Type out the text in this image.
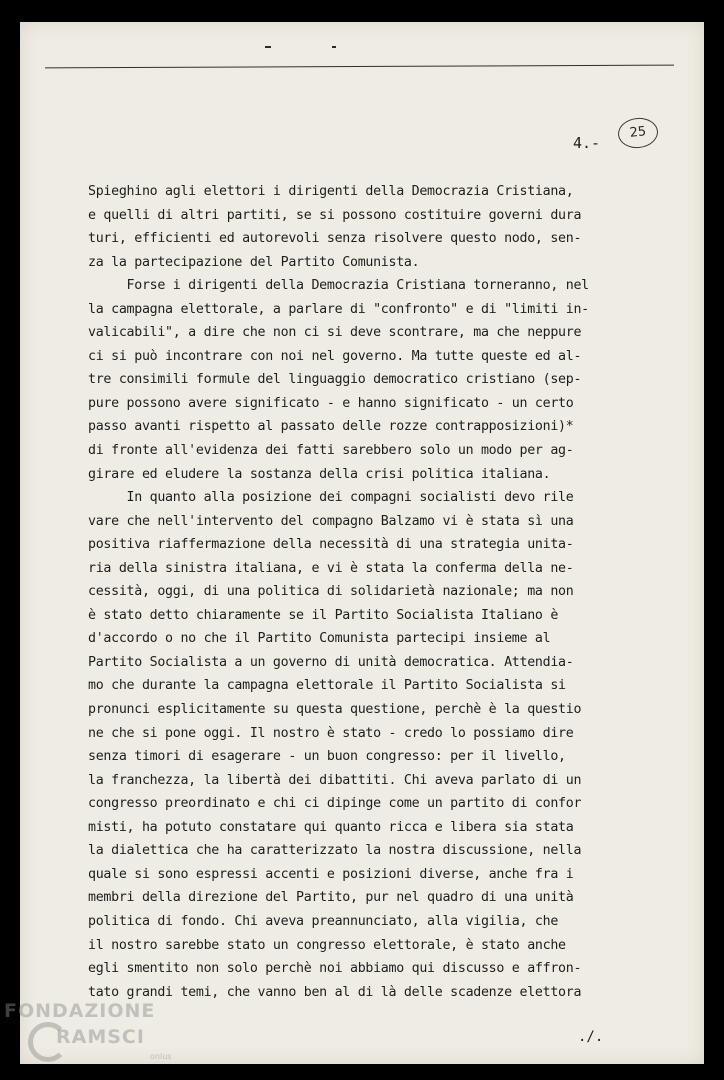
4.-
25
Spieghino agli elettori i dirigenti della Democrazia Cristiana,
e quelli di altri partiti, se si possono costituire governi dura
turi, efficienti ed autorevoli senza risolvere questo nodo, sen-
za la partecipazione del Partito Comunista.
Forse i dirigenti della Democrazia Cristiana torneranno, nel
la campagna elettorale, a parlare di "confronto" e di "limiti in-
valicabili", a dire che non ci si deve scontrare, ma che neppure
ci si può incontrare con noi nel governo. Ma tutte queste ed al-
tre consimili formule del linguaggio democratico cristiano (sep-
pure possono avere significato - e hanno significato - un certo
passo avanti rispetto al passato delle rozze contrapposizioni)*
di fronte all'evidenza dei fatti sarebbero solo un modo per ag-
girare ed eludere la sostanza della crisi politica italiana.
In quanto alla posizione dei compagni socialisti devo rile
vare che nell'intervento del compagno Balzamo vi è stata sì una
positiva riaffermazione della necessità di una strategia unita-
ria della sinistra italiana, e vi è stata la conferma della ne-
cessità, oggi, di una politica di solidarietà nazionale; ma non
è stato detto chiaramente se il Partito Socialista Italiano è
d'accordo o no che il Partito Comunista partecipi insieme al
Partito Socialista a un governo di unità democratica. Attendia-
mo che durante la campagna elettorale il Partito Socialista si
pronunci esplicitamente su questa questione, perchè è la questio
ne che si pone oggi. Il nostro è stato - credo lo possiamo dire
senza timori di esagerare - un buon congresso: per il livello,
la franchezza, la libertà dei dibattiti. Chi aveva parlato di un
congresso preordinato e chi ci dipinge come un partito di confor
misti, ha potuto constatare qui quanto ricca e libera sia stata
la dialettica che ha caratterizzato la nostra discussione, nella
quale si sono espressi accenti e posizioni diverse, anche fra i
membri della direzione del Partito, pur nel quadro di una unità
politica di fondo. Chi aveva preannunciato, alla vigilia, che
il nostro sarebbe stato un congresso elettorale, è stato anche
egli smentito non solo perchè noi abbiamo qui discusso e affron-
tato grandi temi, che vanno ben al di là delle scadenze elettora
./.
FONDAZIONE
RAMSCI
onlus
